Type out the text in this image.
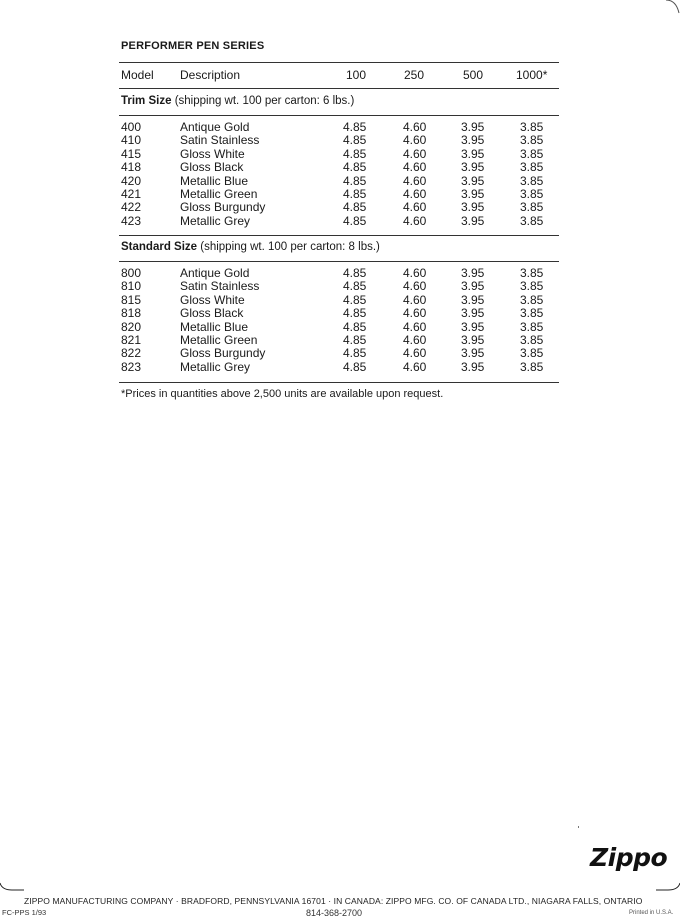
PERFORMER PEN SERIES
Model Description	100	250	500	1000*
Trim Size (shipping wt. 100 per carton: 6 lbs.)
400	Antique Gold	4.85	4.60	3.95	3.85
410	Satin Stainless	4.85	4.60	3.95	3.85
415	Gloss White	4.85	4.60	3.95	3.85
418	Gloss Black	4.85	4.60	3.95	3.85
420	Metallic Blue	4.85	4.60	3.95	3.85
421	Metallic Green	4.85	4.60	3.95	3.85
422	Gloss Burgundy	4.85	4.60	3.95	3.85
423	Metallic Grey	4.85	4.60	3.95	3.85
Standard Size (shipping wt. 100 per carton: 8 lbs.)
800	Antique Gold	4.85	4.60	3.95	3.85
810	Satin Stainless	4.85	4.60	3.95	3.85
815	Gloss White	4.85	4.60	3.95	3.85
818	Gloss Black	4.85	4.60	3.95	3.85
820	Metallic Blue	4.85	4.60	3.95	3.85
821	Metallic Green	4.85	4.60	3.95	3.85
822	Gloss Burgundy	4.85	4.60	3.95	3.85
823	Metallic Grey	4.85	4.60	3.95	3.85
*Prices in quantities above 2,500 units are available upon request.
Zippo
ZIPPO MANUFACTURING COMPANY · BRADFORD, PENNSYLVANIA 16701 · IN CANADA: ZIPPO MFG. CO. OF CANADA LTD., NIAGARA FALLS, ONTARIO
FC-PPS 1/93	814-368-2700	Printed in U.S.A.
